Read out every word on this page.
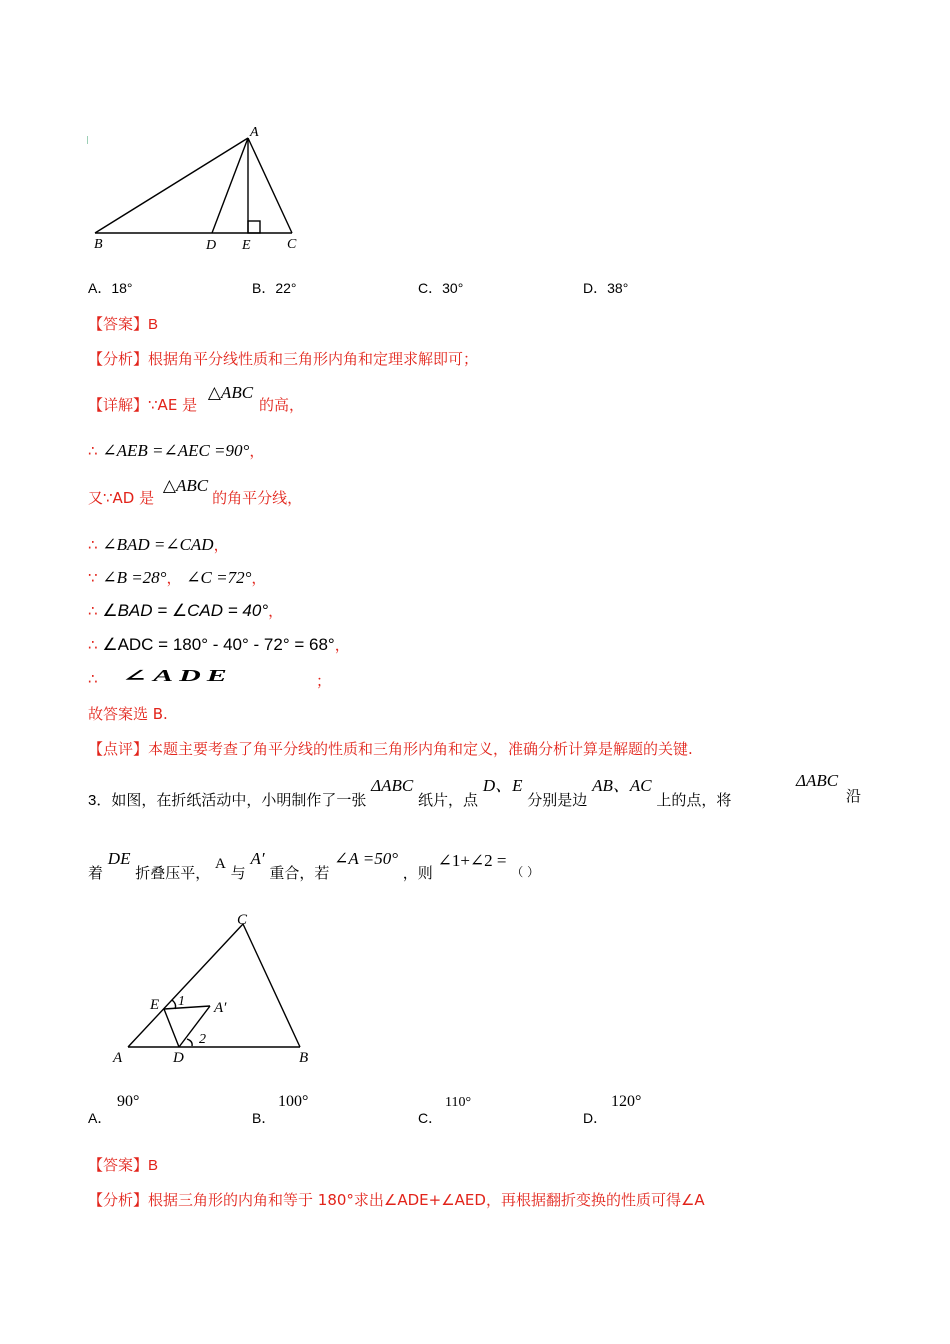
A
B	D E	C
A．18°	B．22°	C．30°	D．38°
【答案】B
【分析】根据角平分线性质和三角形内角和定理求解即可；
【详解】∵AE 是 △ABC的高，
∴ ∠AEB =∠AEC =90°，
又∵AD 是 △ABC的角平分线，
∴ ∠BAD =∠CAD，
∵ ∠B =28°， ∠C =72°，
∴ ∠BAD = ∠CAD = 40°，
∴ ∠ADC = 180° - 40° - 72° = 68°，
∴ ∠ADE	；
故答案选 B.
【点评】本题主要考查了角平分线的性质和三角形内角和定义，准确分析计算是解题的关键.
3．如图，在折纸活动中，小明制作了一张 ΔABC 纸片，点 D、E 分别是边 AB、AC 上的点，将
ΔABC
沿
着 DE 折叠压平， A 与 A′ 重合，若 ∠A =50° ，则 ∠1+∠2 = （ ）
C
E 1 A′
2
A	D	B
A．
90°
B．
100°
C．
110°
D．
120°
【答案】B
【分析】根据三角形的内角和等于 180°求出∠ADE+∠AED，再根据翻折变换的性质可得∠A
